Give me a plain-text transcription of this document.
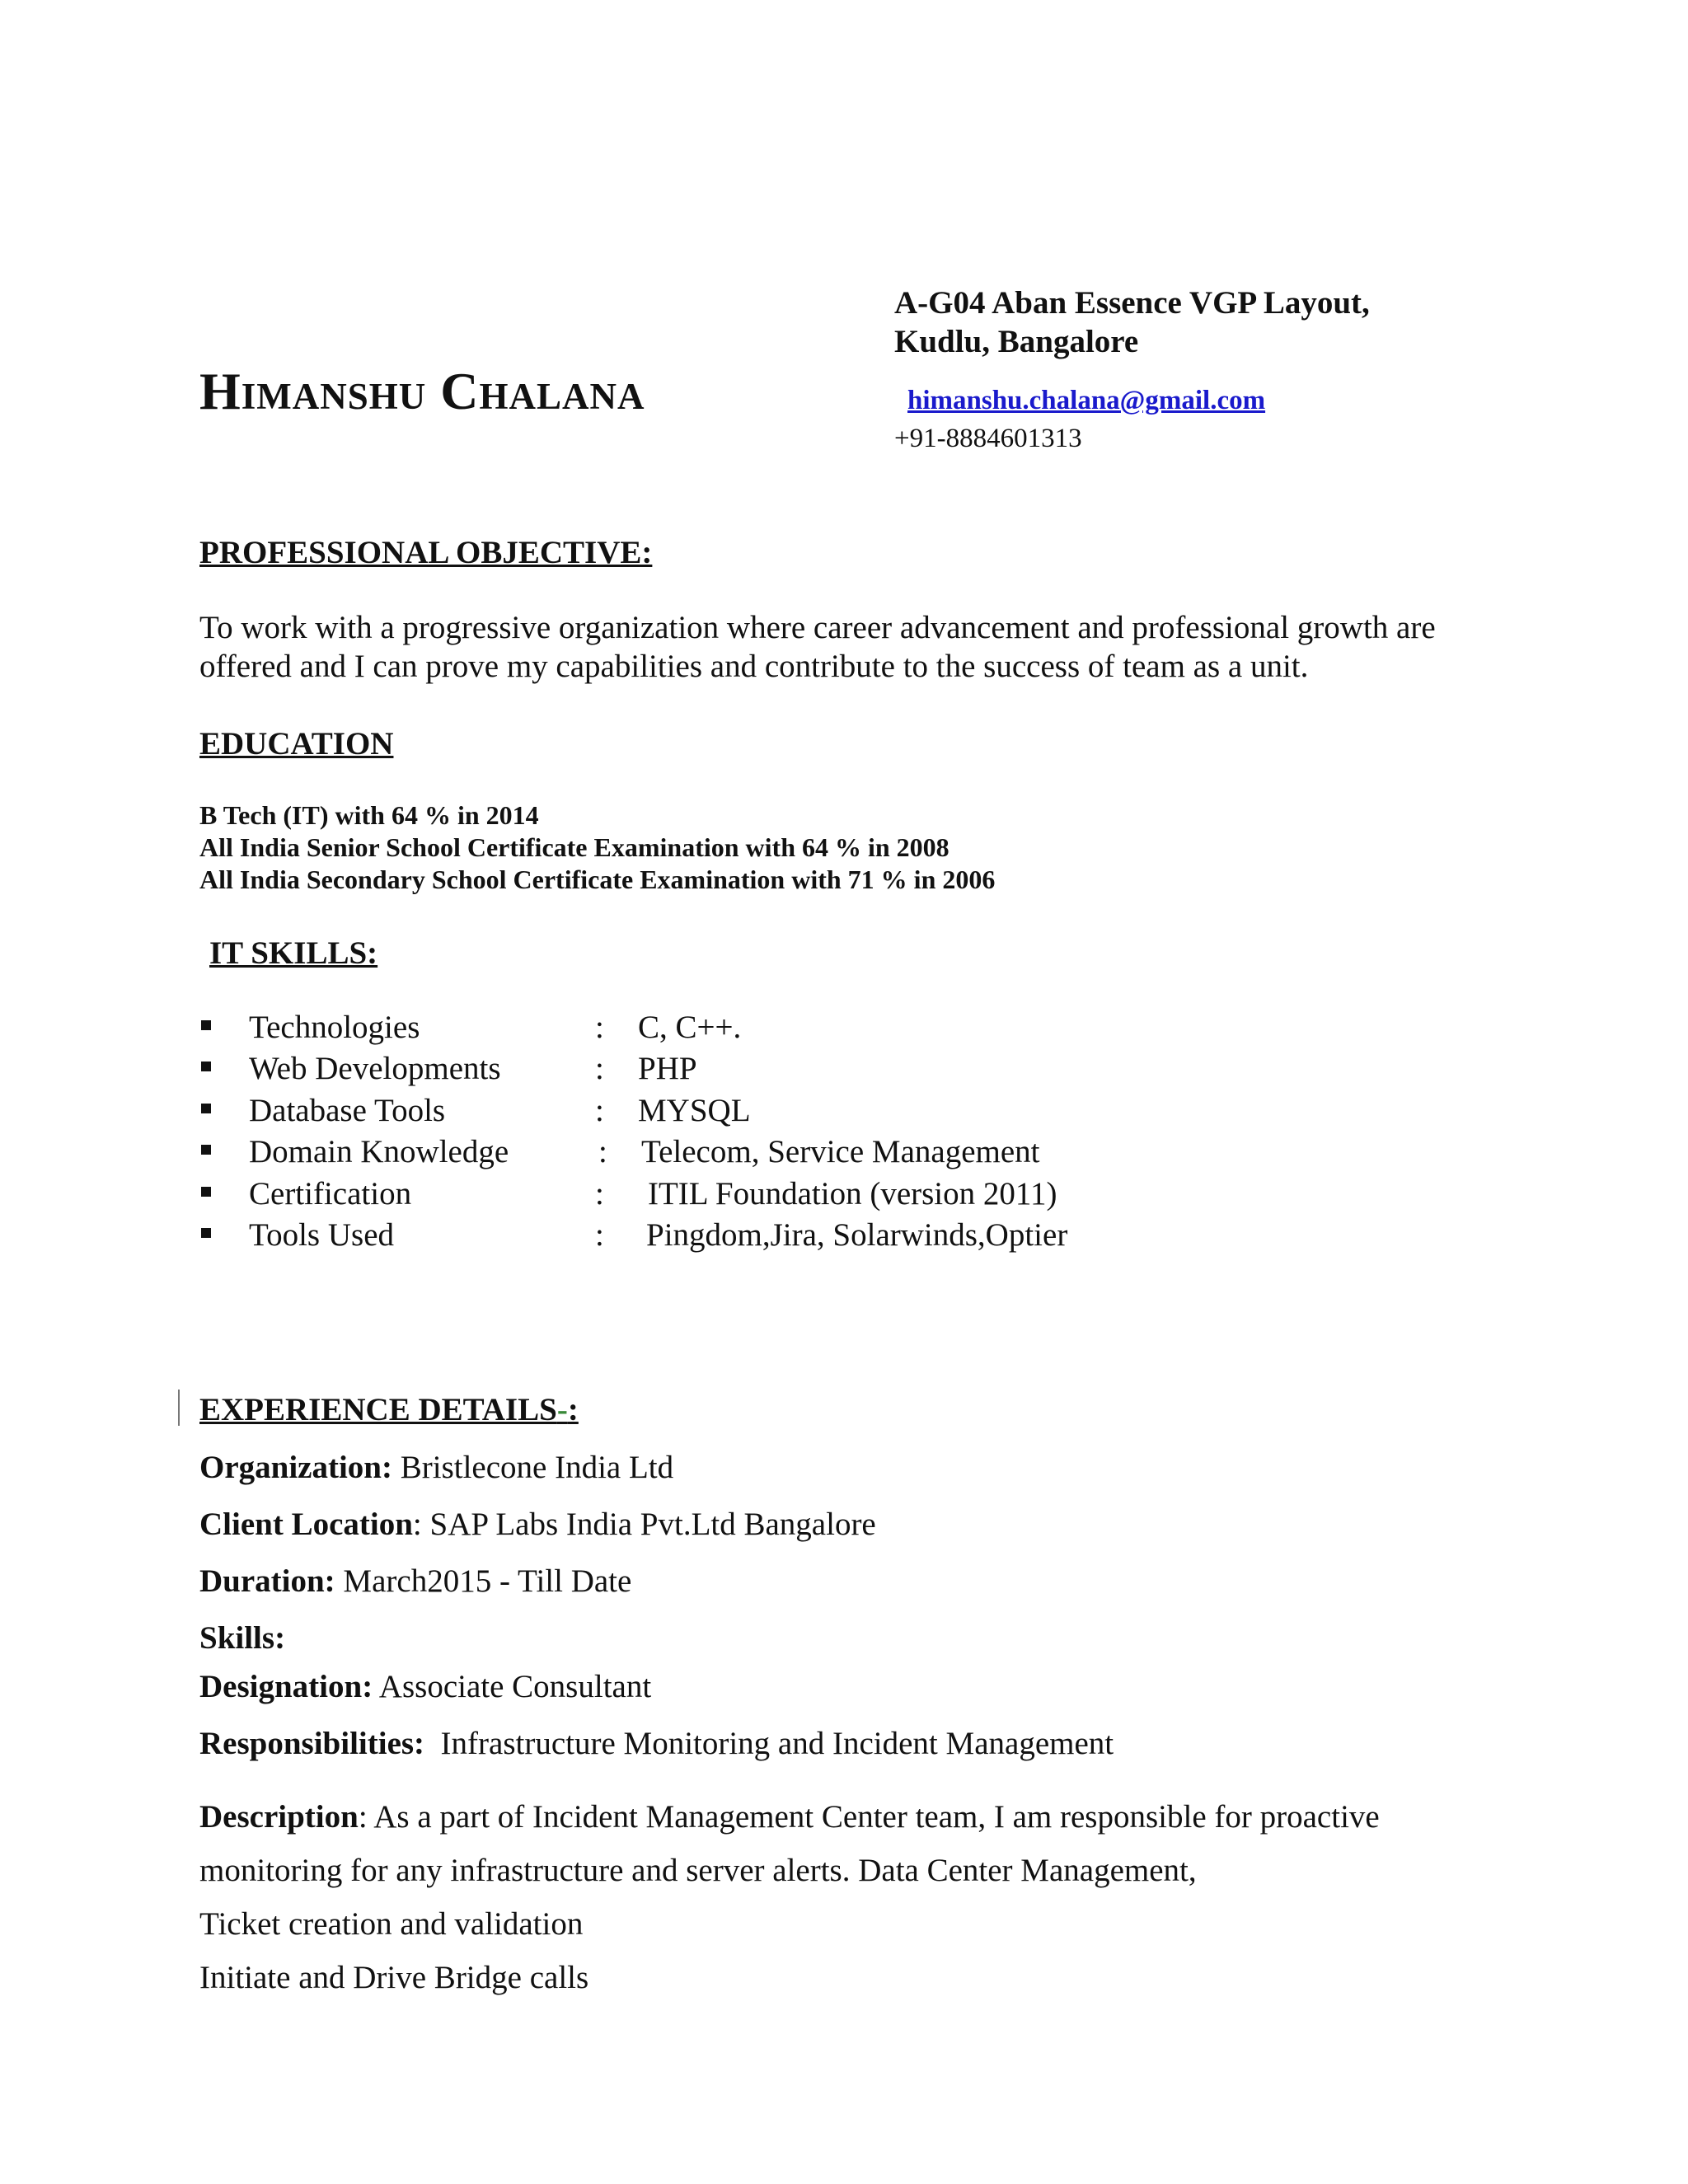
A-G04 Aban Essence VGP Layout,
Kudlu, Bangalore
Himanshu Chalana	himanshu.chalana@gmail.com
+91-8884601313
PROFESSIONAL OBJECTIVE:
To work with a progressive organization where career advancement and professional growth are
offered and I can prove my capabilities and contribute to the success of team as a unit.
EDUCATION
B Tech (IT) with 64 % in 2014
All India Senior School Certificate Examination with 64 % in 2008
All India Secondary School Certificate Examination with 71 % in 2006
IT SKILLS:
Technologies	: C, C++.
Web Developments	: PHP
Database Tools	: MYSQL
Domain Knowledge	: Telecom, Service Management
Certification	: ITIL Foundation (version 2011)
Tools Used	: Pingdom,Jira, Solarwinds,Optier
EXPERIENCE DETAILS-:
Organization: Bristlecone India Ltd
Client Location: SAP Labs India Pvt.Ltd Bangalore
Duration: March2015 - Till Date
Skills:
Designation: Associate Consultant
Responsibilities: Infrastructure Monitoring and Incident Management
Description: As a part of Incident Management Center team, I am responsible for proactive
monitoring for any infrastructure and server alerts. Data Center Management,
Ticket creation and validation
Initiate and Drive Bridge calls
